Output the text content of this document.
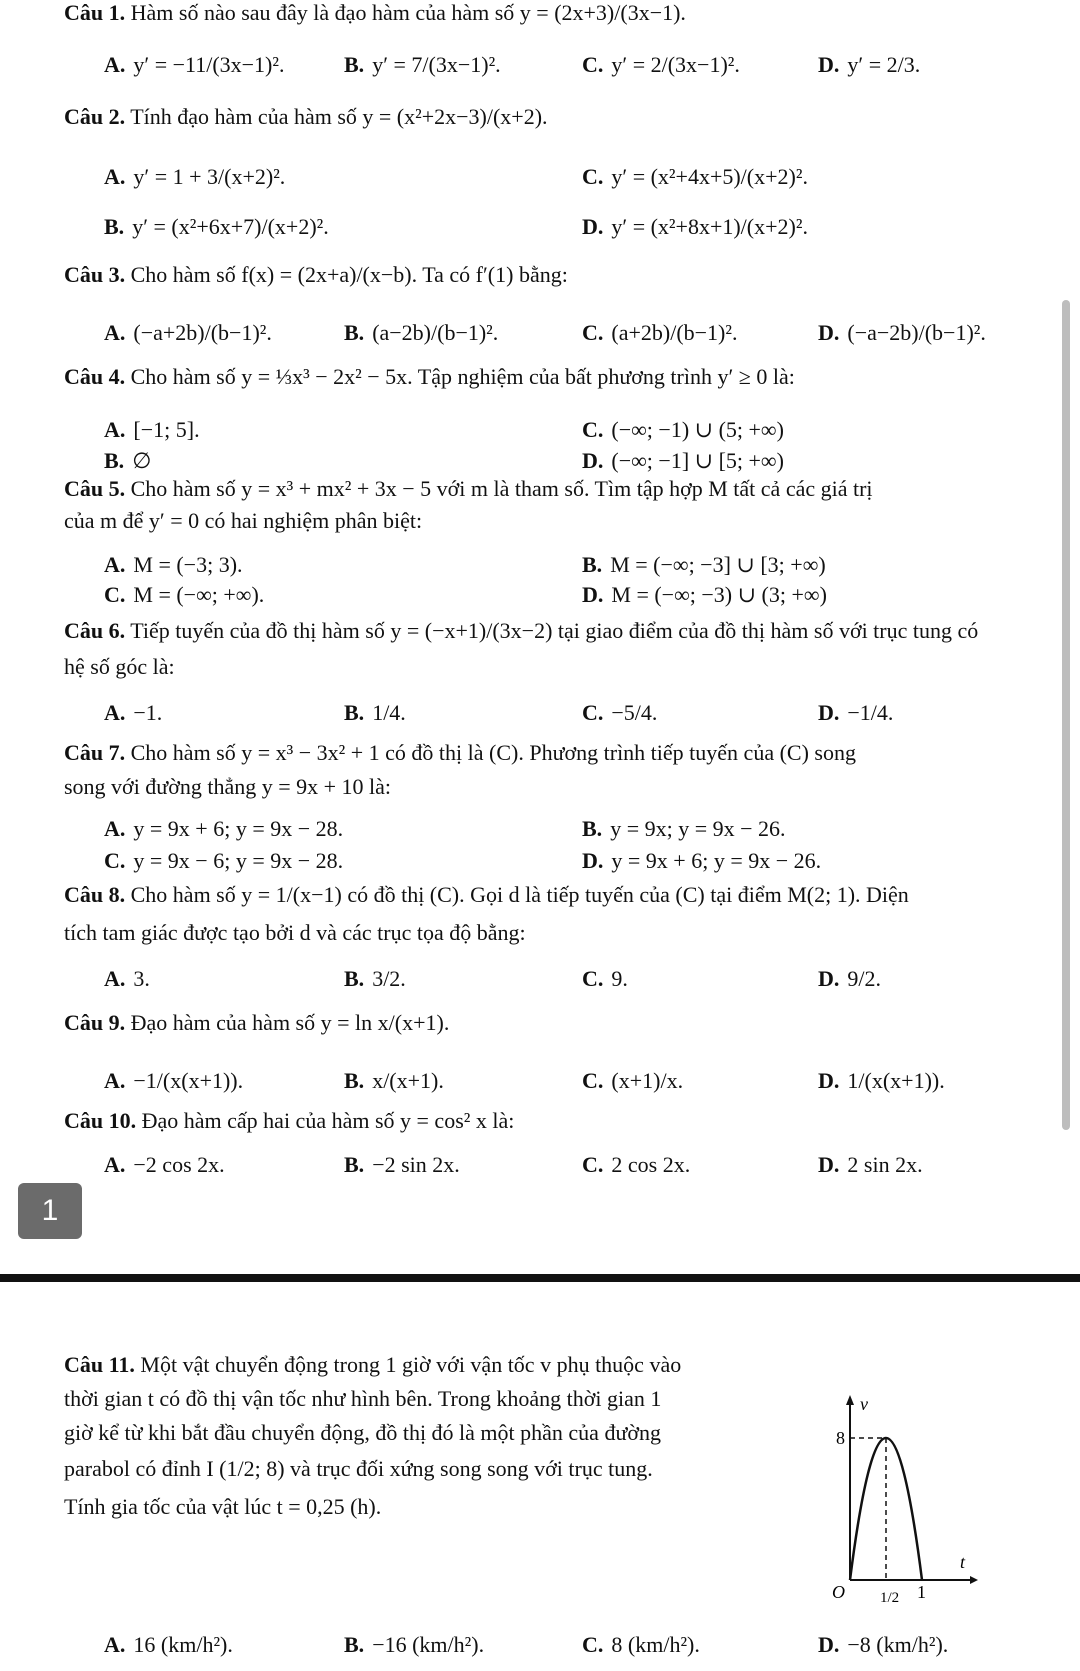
Câu 1. Hàm số nào sau đây là đạo hàm của hàm số y = (2x+3)/(3x−1).
A. y′ = −11/(3x−1)².	B. y′ = 7/(3x−1)².	C. y′ = 2/(3x−1)².	D. y′ = 2/3.
Câu 2. Tính đạo hàm của hàm số y = (x²+2x−3)/(x+2).
A. y′ = 1 + 3/(x+2)².
B. y′ = (x²+6x+7)/(x+2)².
C. y′ = (x²+4x+5)/(x+2)².
D. y′ = (x²+8x+1)/(x+2)².
Câu 3. Cho hàm số f(x) = (2x+a)/(x−b). Ta có f′(1) bằng:
A. (−a+2b)/(b−1)².	B. (a−2b)/(b−1)².	C. (a+2b)/(b−1)².	D. (−a−2b)/(b−1)².
Câu 4. Cho hàm số y = ⅓x³ − 2x² − 5x. Tập nghiệm của bất phương trình y′ ≥ 0 là:
A. [−1; 5].
B. ∅
C. (−∞; −1) ∪ (5; +∞)
D. (−∞; −1] ∪ [5; +∞)
Câu 5. Cho hàm số y = x³ + mx² + 3x − 5 với m là tham số. Tìm tập hợp M tất cả các giá trị
của m để y′ = 0 có hai nghiệm phân biệt:
A. M = (−3; 3).
C. M = (−∞; +∞).
B. M = (−∞; −3] ∪ [3; +∞)
D. M = (−∞; −3) ∪ (3; +∞)
Câu 6. Tiếp tuyến của đồ thị hàm số y = (−x+1)/(3x−2) tại giao điểm của đồ thị hàm số với trục tung có
hệ số góc là:
A. −1.	B. 1/4.	C. −5/4.	D. −1/4.
Câu 7. Cho hàm số y = x³ − 3x² + 1 có đồ thị là (C). Phương trình tiếp tuyến của (C) song
song với đường thẳng y = 9x + 10 là:
A. y = 9x + 6; y = 9x − 28.
C. y = 9x − 6; y = 9x − 28.
B. y = 9x; y = 9x − 26.
D. y = 9x + 6; y = 9x − 26.
Câu 8. Cho hàm số y = 1/(x−1) có đồ thị (C). Gọi d là tiếp tuyến của (C) tại điểm M(2; 1). Diện
tích tam giác được tạo bởi d và các trục tọa độ bằng:
A. 3.	B. 3/2.	C. 9.	D. 9/2.
Câu 9. Đạo hàm của hàm số y = ln x/(x+1).
A. −1/(x(x+1)).	B. x/(x+1).	C. (x+1)/x.	D. 1/(x(x+1)).
Câu 10. Đạo hàm cấp hai của hàm số y = cos² x là:
A. −2 cos 2x.	B. −2 sin 2x.	C. 2 cos 2x.	D. 2 sin 2x.
1
Câu 11. Một vật chuyển động trong 1 giờ với vận tốc v phụ thuộc vào
thời gian t có đồ thị vận tốc như hình bên. Trong khoảng thời gian 1
giờ kể từ khi bắt đầu chuyển động, đồ thị đó là một phần của đường
parabol có đỉnh I (1/2; 8) và trục đối xứng song song với trục tung.
Tính gia tốc của vật lúc t = 0,25 (h).
v
t
8
O 1/2 1
A. 16 (km/h²).	B. −16 (km/h²).	C. 8 (km/h²).	D. −8 (km/h²).
